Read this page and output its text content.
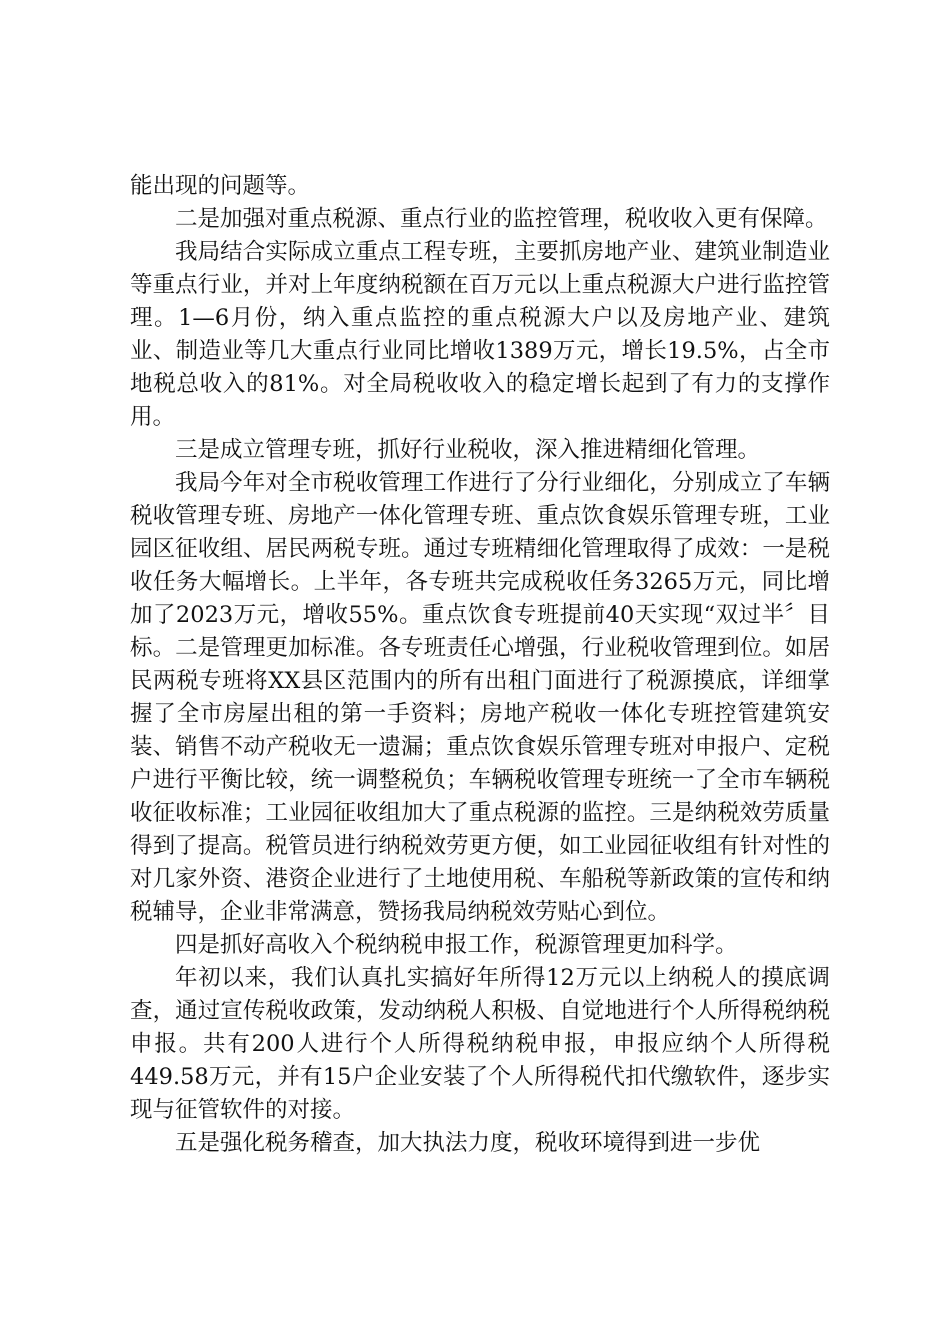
能出现的问题等。

二是加强对重点税源、重点行业的监控管理，税收收入更有保障。

我局结合实际成立重点工程专班，主要抓房地产业、建筑业制造业等重点行业，并对上年度纳税额在百万元以上重点税源大户进行监控管理。1—6月份，纳入重点监控的重点税源大户以及房地产业、建筑业、制造业等几大重点行业同比增收1389万元，增长19.5%，占全市地税总收入的81%。对全局税收收入的稳定增长起到了有力的支撑作用。

三是成立管理专班，抓好行业税收，深入推进精细化管理。

我局今年对全市税收管理工作进行了分行业细化，分别成立了车辆税收管理专班、房地产一体化管理专班、重点饮食娱乐管理专班，工业园区征收组、居民两税专班。通过专班精细化管理取得了成效：一是税收任务大幅增长。上半年，各专班共完成税收任务3265万元，同比增加了2023万元，增收55%。重点饮食专班提前40天实现“双过半〞目标。二是管理更加标准。各专班责任心增强，行业税收管理到位。如居民两税专班将XX县区范围内的所有出租门面进行了税源摸底，详细掌握了全市房屋出租的第一手资料；房地产税收一体化专班控管建筑安装、销售不动产税收无一遗漏；重点饮食娱乐管理专班对申报户、定税户进行平衡比较，统一调整税负；车辆税收管理专班统一了全市车辆税收征收标准；工业园征收组加大了重点税源的监控。三是纳税效劳质量得到了提高。税管员进行纳税效劳更方便，如工业园征收组有针对性的对几家外资、港资企业进行了土地使用税、车船税等新政策的宣传和纳税辅导，企业非常满意，赞扬我局纳税效劳贴心到位。

四是抓好高收入个税纳税申报工作，税源管理更加科学。

年初以来，我们认真扎实搞好年所得12万元以上纳税人的摸底调查，通过宣传税收政策，发动纳税人积极、自觉地进行个人所得税纳税申报。共有200人进行个人所得税纳税申报，申报应纳个人所得税449.58万元，并有15户企业安装了个人所得税代扣代缴软件，逐步实现与征管软件的对接。

五是强化税务稽查，加大执法力度，税收环境得到进一步优
